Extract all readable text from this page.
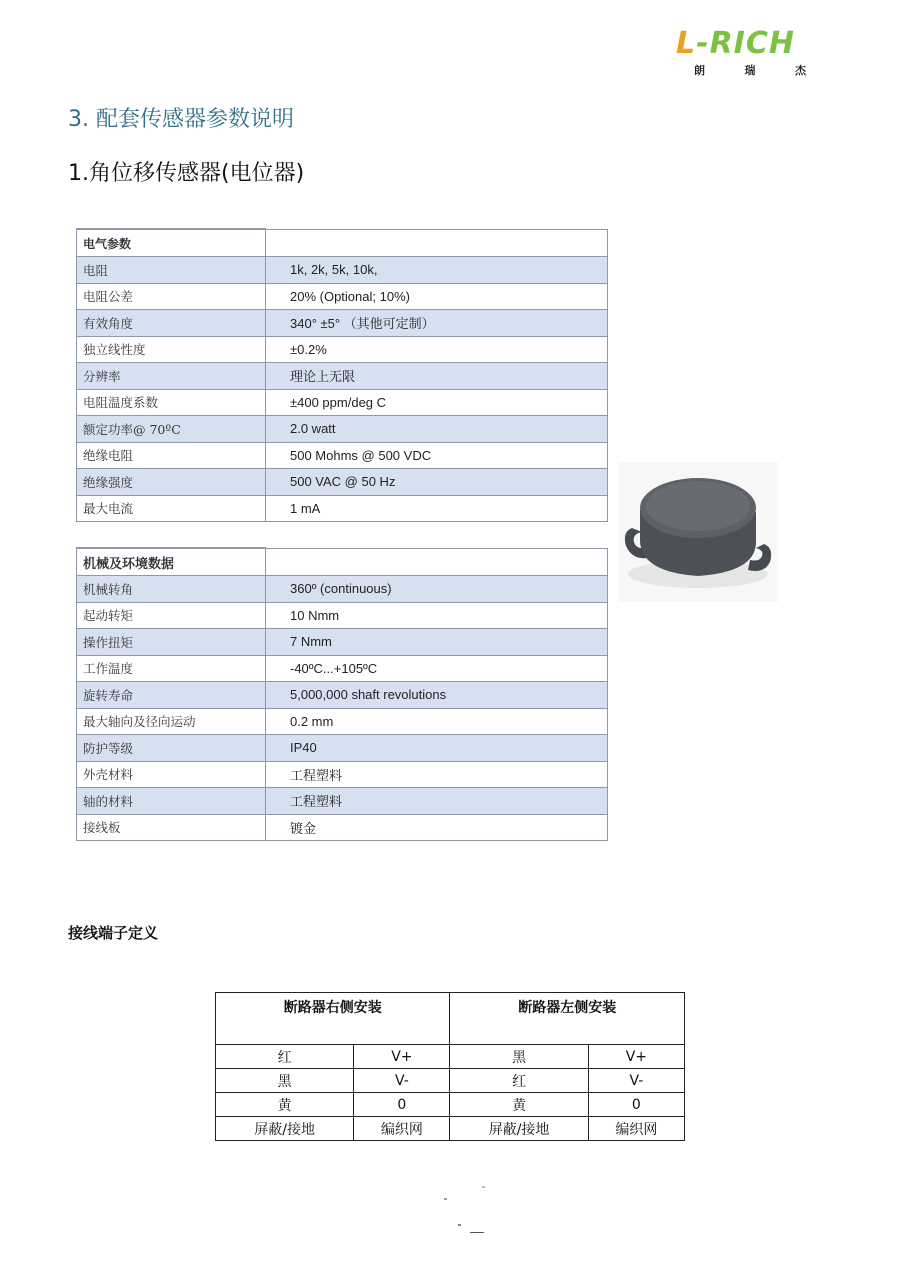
L-RICH
朗	瑞	杰
3. 配套传感器参数说明
1.角位移传感器(电位器)
电气参数	
电阻	1k, 2k, 5k, 10k,
电阻公差	20% (Optional; 10%)
有效角度	340° ±5° （其他可定制）
独立线性度	±0.2%
分辨率	理论上无限
电阻温度系数	±400 ppm/deg C
额定功率@ 70ºC	2.0 watt
绝缘电阻	500 Mohms @ 500 VDC
绝缘强度	500 VAC @ 50 Hz
最大电流	1 mA
机械及环境数据	
机械转角	360º (continuous)
起动转矩	10 Nmm
操作扭矩	7 Nmm
工作温度	-40ºC...+105ºC
旋转寿命	5,000,000 shaft revolutions
最大轴向及径向运动	0.2 mm
防护等级	IP40
外壳材料	工程塑料
轴的材料	工程塑料
接线板	镀金
接线端子定义
断路器右侧安装		断路器左侧安装	
红	V+	黑	V+
黑	V-	红	V-
黄	0	黄	0
屏蔽/接地	编织网	屏蔽/接地	编织网
